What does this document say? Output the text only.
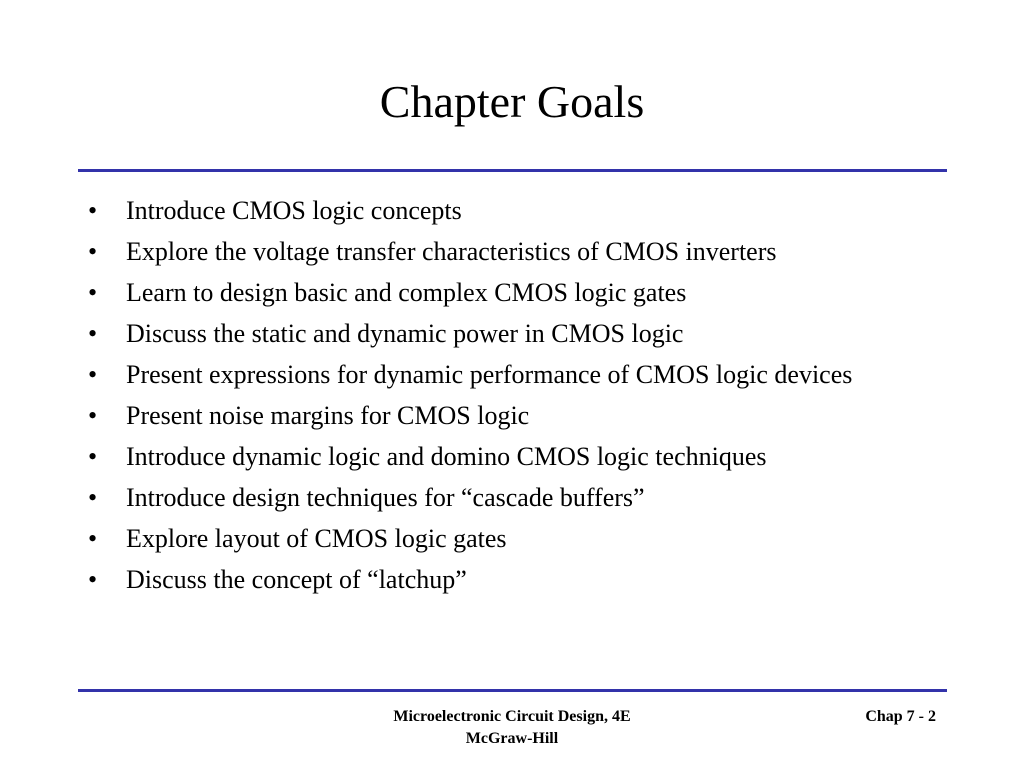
Chapter Goals
• Introduce CMOS logic concepts
• Explore the voltage transfer characteristics of CMOS inverters
• Learn to design basic and complex CMOS logic gates
• Discuss the static and dynamic power in CMOS logic
• Present expressions for dynamic performance of CMOS logic devices
• Present noise margins for CMOS logic
• Introduce dynamic logic and domino CMOS logic techniques
• Introduce design techniques for “cascade buffers”
• Explore layout of CMOS logic gates
• Discuss the concept of “latchup”
Microelectronic Circuit Design, 4E
McGraw-Hill
Chap 7 - 2
